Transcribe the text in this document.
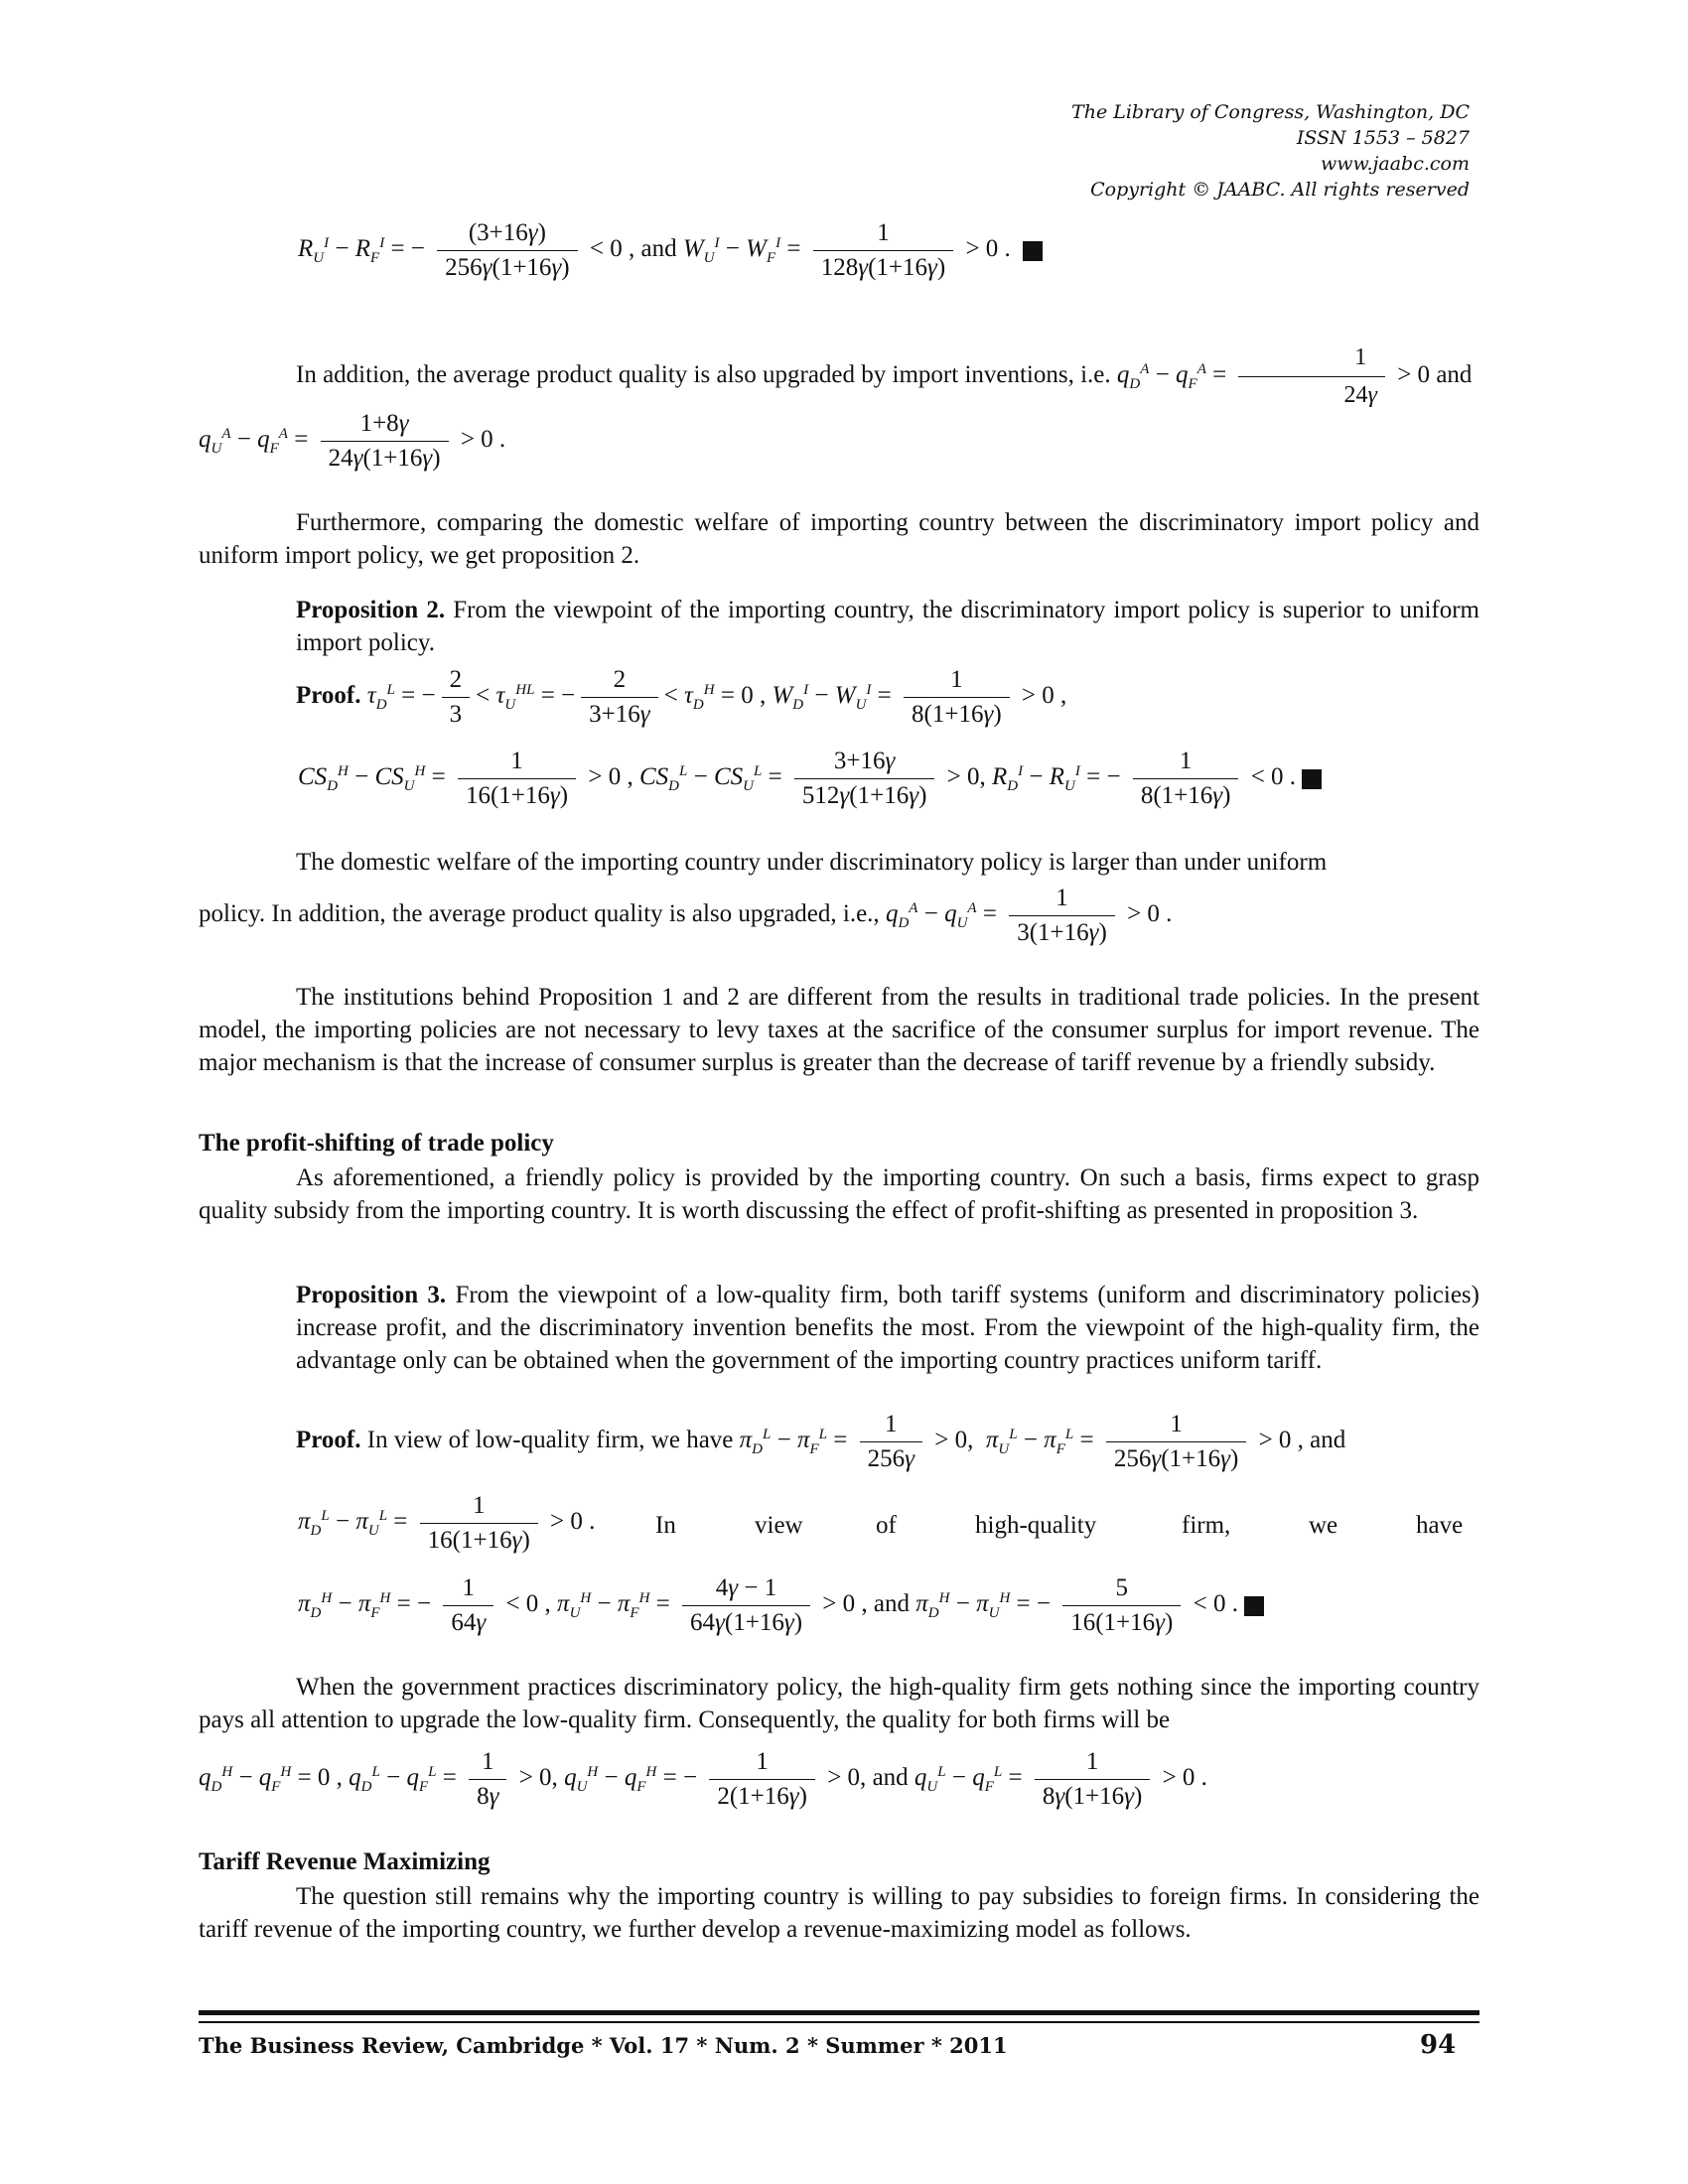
The Library of Congress, Washington, DC
ISSN 1553 – 5827
www.jaabc.com
Copyright © JAABC. All rights reserved
$R_U^I - R_F^I$ = − $\frac{(3+16\gamma)}{256\gamma(1+16\gamma)} < 0$ , and $W_U^I - W_F^I = \frac{1}{128\gamma(1+16\gamma)} > 0$ .
In addition, the average product quality is also upgraded by import inventions, i.e. $q_D^A - q_F^A = \frac{1}{24\gamma} > 0$ and
$q_U^A - q_F^A = \frac{1+8\gamma}{24\gamma(1+16\gamma)} > 0$ .
Furthermore, comparing the domestic welfare of importing country between the discriminatory import policy and uniform import policy, we get proposition 2.
Proposition 2. From the viewpoint of the importing country, the discriminatory import policy is superior to uniform import policy.
Proof. $\tau_D^L$ = − $\frac{2}{3} < \tau_U^{HL}$ = − $\frac{2}{3+16\gamma} < \tau_D^H = 0$ , $W_D^I - W_U^I = \frac{1}{8(1+16\gamma)} > 0$ ,
$CS_D^H - CS_U^H = \frac{1}{16(1+16\gamma)} > 0$ , $CS_D^L - CS_U^L = \frac{3+16\gamma}{512\gamma(1+16\gamma)} > 0$, $R_D^I - R_U^I$ = − $\frac{1}{8(1+16\gamma)} < 0$ .
The domestic welfare of the importing country under discriminatory policy is larger than under uniform
policy. In addition, the average product quality is also upgraded, i.e., $q_D^A - q_U^A = \frac{1}{3(1+16\gamma)} > 0$ .
The institutions behind Proposition 1 and 2 are different from the results in traditional trade policies. In the present model, the importing policies are not necessary to levy taxes at the sacrifice of the consumer surplus for import revenue. The major mechanism is that the increase of consumer surplus is greater than the decrease of tariff revenue by a friendly subsidy.
The profit-shifting of trade policy
As aforementioned, a friendly policy is provided by the importing country. On such a basis, firms expect to grasp quality subsidy from the importing country. It is worth discussing the effect of profit-shifting as presented in proposition 3.
Proposition 3. From the viewpoint of a low-quality firm, both tariff systems (uniform and discriminatory policies) increase profit, and the discriminatory invention benefits the most. From the viewpoint of the high-quality firm, the advantage only can be obtained when the government of the importing country practices uniform tariff.
Proof. In view of low-quality firm, we have $\pi_D^L - \pi_F^L = \frac{1}{256\gamma} > 0$,  $\pi_U^L - \pi_F^L = \frac{1}{256\gamma(1+16\gamma)} > 0$ , and
$\pi_D^L - \pi_U^L = \frac{1}{16(1+16\gamma)} > 0$ . In	view	of	high-quality	firm,	we	have
$\pi_D^H - \pi_F^H$ = − $\frac{1}{64\gamma} < 0$ , $\pi_U^H - \pi_F^H = \frac{4\gamma - 1}{64\gamma(1+16\gamma)} > 0$ , and $\pi_D^H - \pi_U^H$ = − $\frac{5}{16(1+16\gamma)} < 0$ .
When the government practices discriminatory policy, the high-quality firm gets nothing since the importing country pays all attention to upgrade the low-quality firm. Consequently, the quality for both firms will be
$q_D^H - q_F^H = 0$ , $q_D^L - q_F^L = \frac{1}{8\gamma} > 0$, $q_U^H - q_F^H$ = − $\frac{1}{2(1+16\gamma)} > 0$, and $q_U^L - q_F^L = \frac{1}{8\gamma(1+16\gamma)} > 0$ .
Tariff Revenue Maximizing
The question still remains why the importing country is willing to pay subsidies to foreign firms. In considering the tariff revenue of the importing country, we further develop a revenue-maximizing model as follows.
The Business Review, Cambridge * Vol. 17 * Num. 2 * Summer * 2011	94
